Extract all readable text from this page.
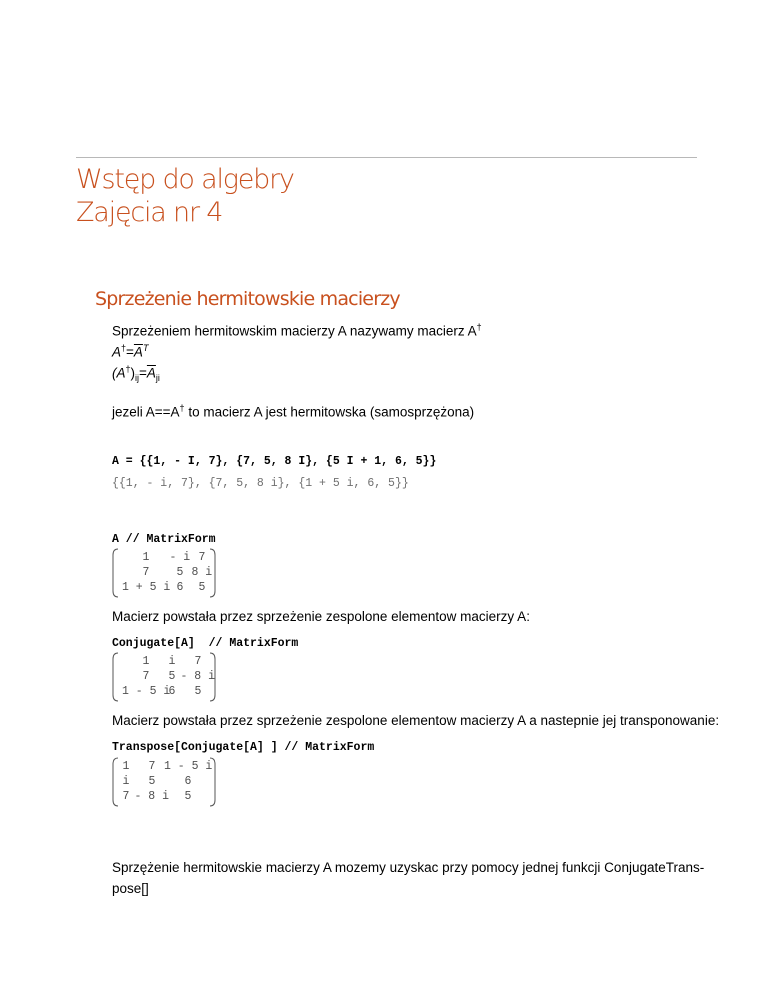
Wstęp do algebry
Zajęcia nr 4
Sprzeżenie hermitowskie macierzy
Sprzeżeniem hermitowskim macierzy A nazywamy macierz A†
$A^\dagger=\overline{A}^T$
$(A^\dagger)_{ij}=\overline{A}_{ji}$
jezeli A==A† to macierz A jest hermitowska (samosprzężona)
A = {{1, - I, 7}, {7, 5, 8 I}, {5 I + 1, 6, 5}}
{{1, - i, 7}, {7, 5, 8 i}, {1 + 5 i, 6, 5}}
A // MatrixForm
1 - i 7
7 5 8 i
1 + 5 i 6 5
Macierz powstała przez sprzeżenie zespolone elementow macierzy A:
Conjugate[A]  // MatrixForm
1 i 7
7 5 - 8 i
1 - 5 i
6 5
Macierz powstała przez sprzeżenie zespolone elementow macierzy A a nastepnie jej transponowanie:
Transpose[Conjugate[A] ] // MatrixForm
1 7 1 - 5 i
i 5	6
7 - 8 i 5
Sprzężenie hermitowskie macierzy A mozemy uzyskac przy pomocy jednej funkcji ConjugateTrans-
pose[]
